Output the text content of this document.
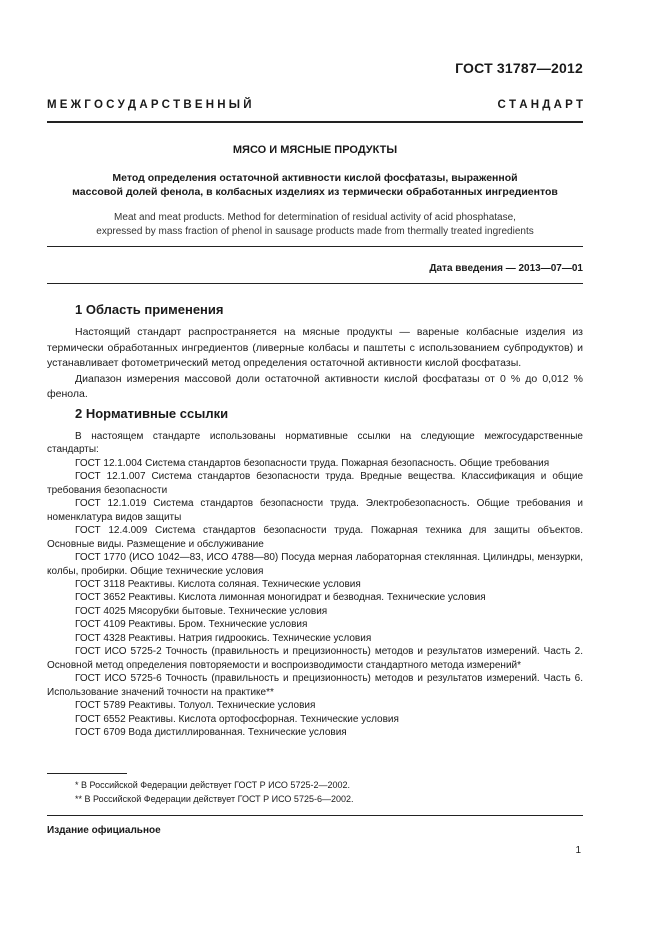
ГОСТ 31787—2012
М Е Ж Г О С У Д А Р С Т В Е Н Н Ы Й	С Т А Н Д А Р Т
МЯСО И МЯСНЫЕ ПРОДУКТЫ
Метод определения остаточной активности кислой фосфатазы, выраженной
массовой долей фенола, в колбасных изделиях из термически обработанных ингредиентов
Meat and meat products. Method for determination of residual activity of acid phosphatase,
expressed by mass fraction of phenol in sausage products made from thermally treated ingredients
Дата введения — 2013—07—01
1 Область применения

Настоящий стандарт распространяется на мясные продукты — вареные колбасные изделия из термически обработанных ингредиентов (ливерные колбасы и паштеты с использованием субпродуктов) и устанавливает фотометрический метод определения остаточной активности кислой фосфатазы.

Диапазон измерения массовой доли остаточной активности кислой фосфатазы от 0 % до 0,012 % фенола.

2 Нормативные ссылки

В настоящем стандарте использованы нормативные ссылки на следующие межгосударственные стандарты:

ГОСТ 12.1.004 Система стандартов безопасности труда. Пожарная безопасность. Общие требования

ГОСТ 12.1.007 Система стандартов безопасности труда. Вредные вещества. Классификация и общие требования безопасности

ГОСТ 12.1.019 Система стандартов безопасности труда. Электробезопасность. Общие требования и номенклатура видов защиты

ГОСТ 12.4.009 Система стандартов безопасности труда. Пожарная техника для защиты объектов. Основные виды. Размещение и обслуживание

ГОСТ 1770 (ИСО 1042—83, ИСО 4788—80) Посуда мерная лабораторная стеклянная. Цилиндры, мензурки, колбы, пробирки. Общие технические условия

ГОСТ 3118 Реактивы. Кислота соляная. Технические условия

ГОСТ 3652 Реактивы. Кислота лимонная моногидрат и безводная. Технические условия

ГОСТ 4025 Мясорубки бытовые. Технические условия

ГОСТ 4109 Реактивы. Бром. Технические условия

ГОСТ 4328 Реактивы. Натрия гидроокись. Технические условия

ГОСТ ИСО 5725-2 Точность (правильность и прецизионность) методов и результатов измерений. Часть 2. Основной метод определения повторяемости и воспроизводимости стандартного метода измерений*

ГОСТ ИСО 5725-6 Точность (правильность и прецизионность) методов и результатов измерений. Часть 6. Использование значений точности на практике**

ГОСТ 5789 Реактивы. Толуол. Технические условия

ГОСТ 6552 Реактивы. Кислота ортофосфорная. Технические условия

ГОСТ 6709 Вода дистиллированная. Технические условия

* В Российской Федерации действует ГОСТ Р ИСО 5725-2—2002.
** В Российской Федерации действует ГОСТ Р ИСО 5725-6—2002.
Издание официальное
1
